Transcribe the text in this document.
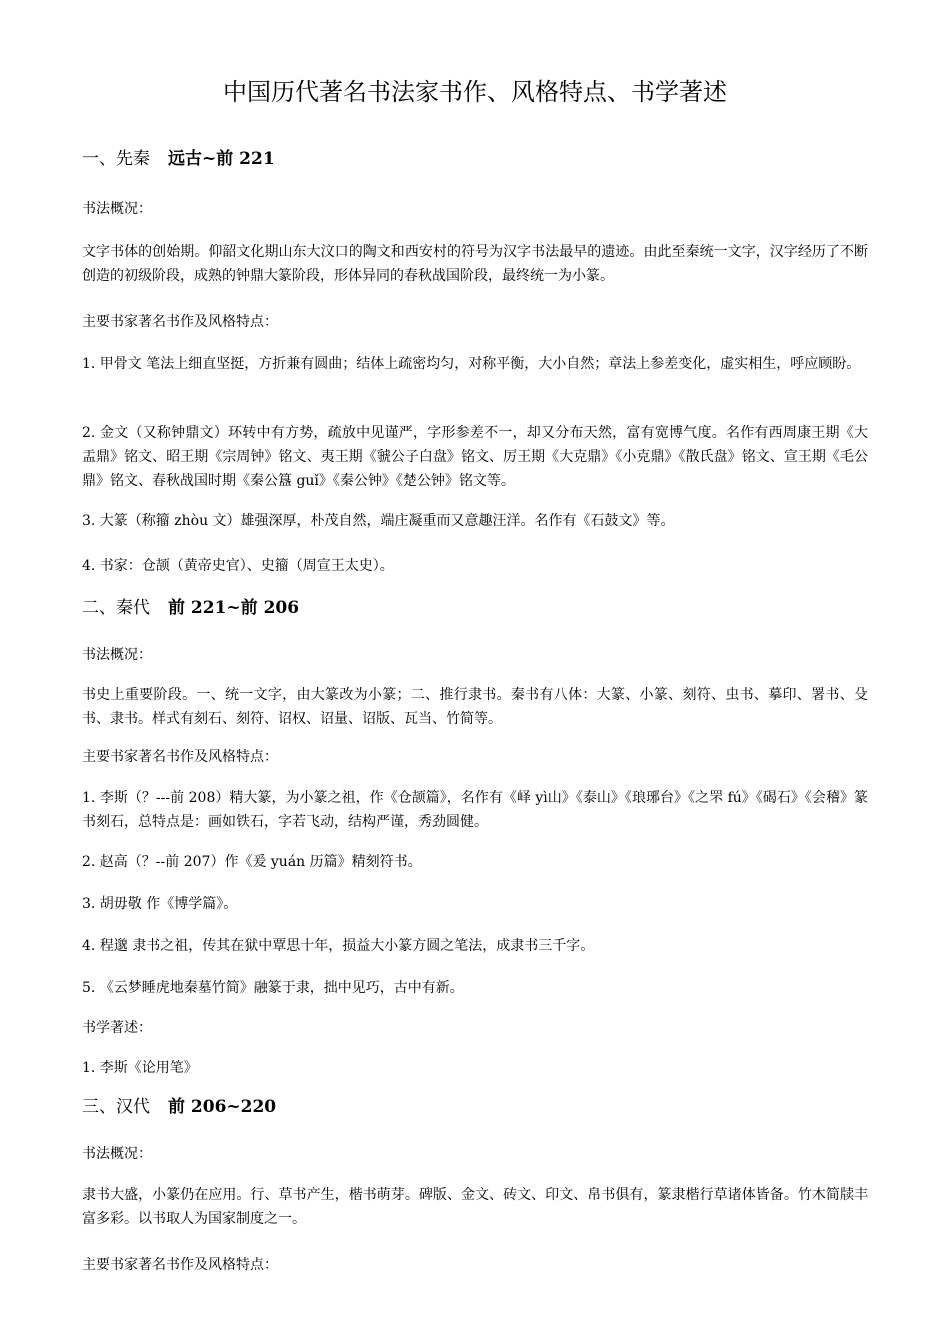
中国历代著名书法家书作、风格特点、书学著述
一、先秦 远古~前 221
书法概况：
文字书体的创始期。仰韶文化期山东大汶口的陶文和西安村的符号为汉字书法最早的遗迹。由此至秦统一文字，汉字经历了不断创造的初级阶段，成熟的钟鼎大篆阶段，形体异同的春秋战国阶段，最终统一为小篆。
主要书家著名书作及风格特点：
1. 甲骨文 笔法上细直坚挺，方折兼有圆曲；结体上疏密均匀，对称平衡，大小自然；章法上参差变化，虚实相生，呼应顾盼。
2. 金文（又称钟鼎文）环转中有方势，疏放中见谨严，字形参差不一，却又分布天然，富有宽博气度。名作有西周康王期《大盂鼎》铭文、昭王期《宗周钟》铭文、夷王期《虢公子白盘》铭文、厉王期《大克鼎》《小克鼎》《散氏盘》铭文、宣王期《毛公鼎》铭文、春秋战国时期《秦公簋 guǐ》《秦公钟》《楚公钟》铭文等。
3. 大篆（称籀 zhòu 文）雄强深厚，朴茂自然，端庄凝重而又意趣汪洋。名作有《石鼓文》等。
4. 书家：仓颉（黄帝史官）、史籀（周宣王太史）。
二、秦代 前 221~前 206
书法概况：
书史上重要阶段。一、统一文字，由大篆改为小篆；二、推行隶书。秦书有八体：大篆、小篆、刻符、虫书、摹印、署书、殳书、隶书。样式有刻石、刻符、诏权、诏量、诏版、瓦当、竹简等。
主要书家著名书作及风格特点：
1. 李斯（？---前 208）精大篆，为小篆之祖，作《仓颉篇》，名作有《峄 yì山》《泰山》《琅琊台》《之罘 fú》《碣石》《会稽》篆书刻石，总特点是：画如铁石，字若飞动，结构严谨，秀劲圆健。
2. 赵高（？--前 207）作《爰 yuán 历篇》精刻符书。
3. 胡毋敬 作《博学篇》。
4. 程邈 隶书之祖，传其在狱中覃思十年，损益大小篆方圆之笔法，成隶书三千字。
5. 《云梦睡虎地秦墓竹简》融篆于隶，拙中见巧，古中有新。
书学著述：
1. 李斯《论用笔》
三、汉代 前 206~220
书法概况：
隶书大盛，小篆仍在应用。行、草书产生，楷书萌芽。碑版、金文、砖文、印文、帛书俱有，篆隶楷行草诸体皆备。竹木简牍丰富多彩。以书取人为国家制度之一。
主要书家著名书作及风格特点：
